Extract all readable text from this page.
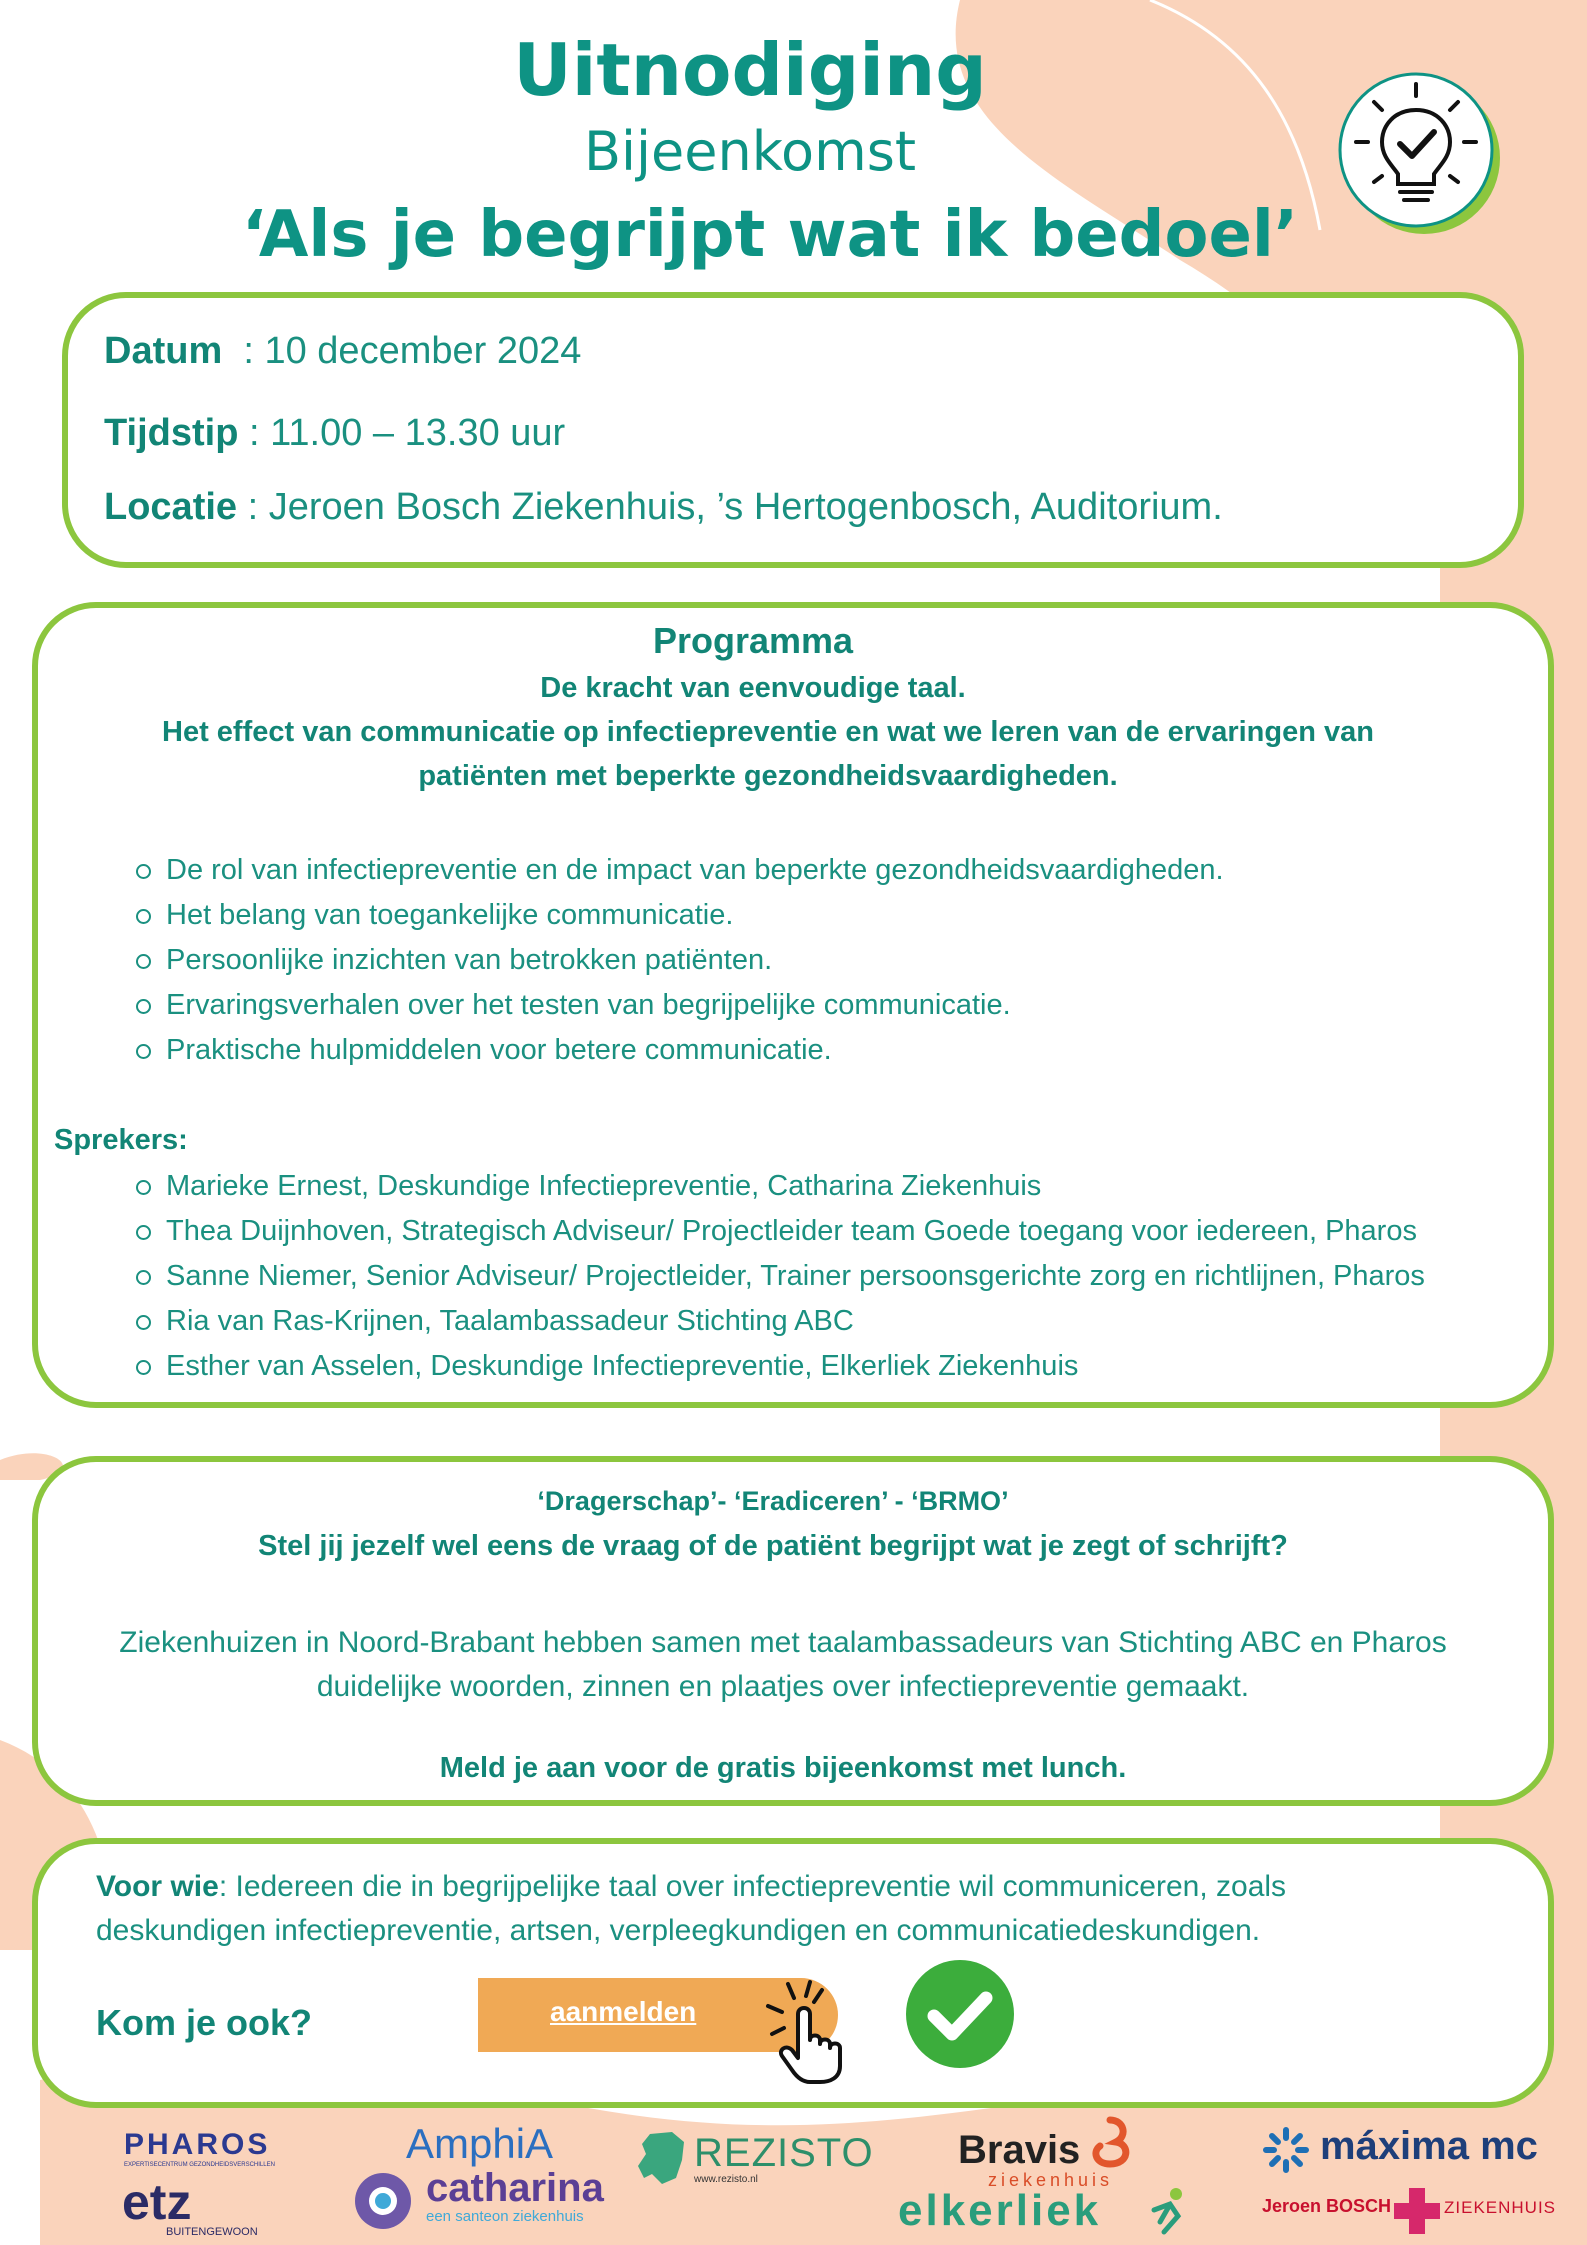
Uitnodiging
Bijeenkomst
‘Als je begrijpt wat ik bedoel’
Datum : 10 december 2024
Tijdstip : 11.00 – 13.30 uur
Locatie : Jeroen Bosch Ziekenhuis, ’s Hertogenbosch, Auditorium.
Programma
De kracht van eenvoudige taal.
Het effect van communicatie op infectiepreventie en wat we leren van de ervaringen van
patiënten met beperkte gezondheidsvaardigheden.
De rol van infectiepreventie en de impact van beperkte gezondheidsvaardigheden.
Het belang van toegankelijke communicatie.
Persoonlijke inzichten van betrokken patiënten.
Ervaringsverhalen over het testen van begrijpelijke communicatie.
Praktische hulpmiddelen voor betere communicatie.
Sprekers:
Marieke Ernest, Deskundige Infectiepreventie, Catharina Ziekenhuis
Thea Duijnhoven, Strategisch Adviseur/ Projectleider team Goede toegang voor iedereen, Pharos
Sanne Niemer, Senior Adviseur/ Projectleider, Trainer persoonsgerichte zorg en richtlijnen, Pharos
Ria van Ras-Krijnen, Taalambassadeur Stichting ABC
Esther van Asselen, Deskundige Infectiepreventie, Elkerliek Ziekenhuis
‘Dragerschap’- ‘Eradiceren’ - ‘BRMO’
Stel jij jezelf wel eens de vraag of de patiënt begrijpt wat je zegt of schrijft?
Ziekenhuizen in Noord-Brabant hebben samen met taalambassadeurs van Stichting ABC en Pharos
duidelijke woorden, zinnen en plaatjes over infectiepreventie gemaakt.
Meld je aan voor de gratis bijeenkomst met lunch.
Voor wie: Iedereen die in begrijpelijke taal over infectiepreventie wil communiceren, zoals
deskundigen infectiepreventie, artsen, verpleegkundigen en communicatiedeskundigen.
Kom je ook?	aanmelden
PHAROS
EXPERTISECENTRUM GEZONDHEIDSVERSCHILLEN
etz
BUITENGEWOON
AmphiA
catharina
een santeon ziekenhuis
REZISTO
www.rezisto.nl
Bravis
ziekenhuis
elkerliek
máxima mc
Jeroen BOSCH	ZIEKENHUIS
